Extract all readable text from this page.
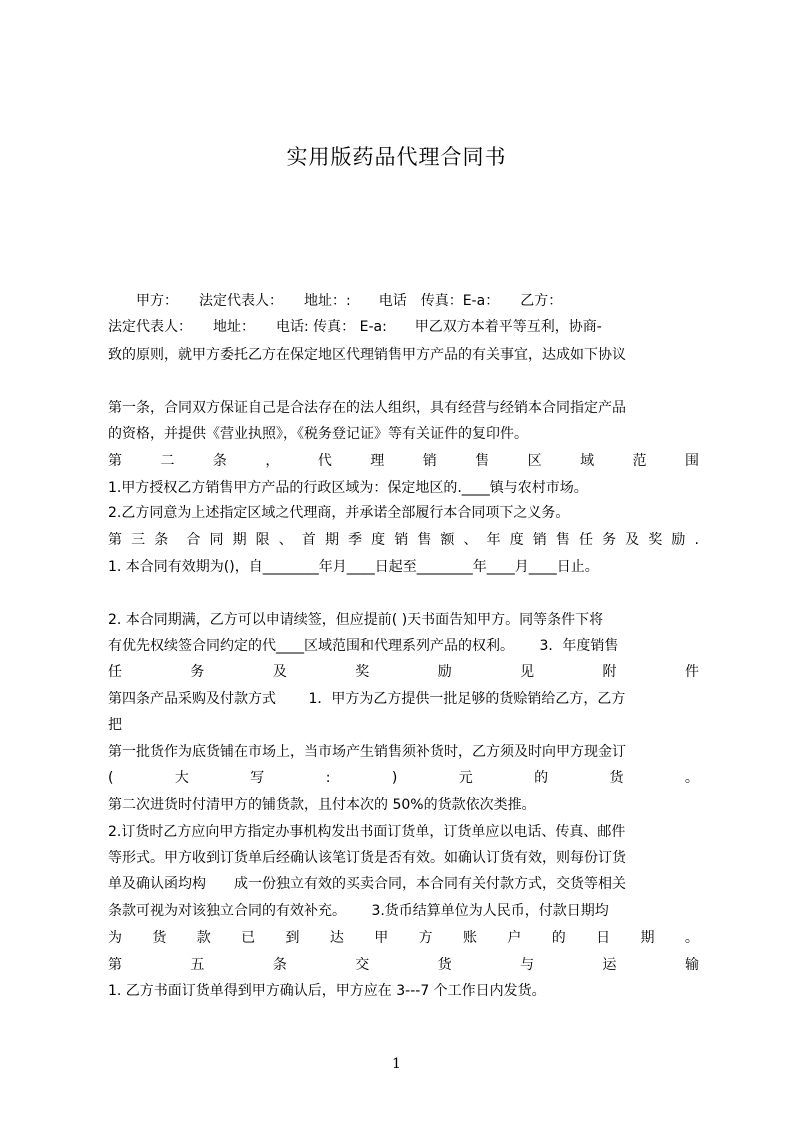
实用版药品代理合同书
　　甲方：　　法定代表人：　　地址：:　　电话　传真：E-a：　　乙方：
法定代表人：　　地址：　　电话: 传真： E-a:　　甲乙双方本着平等互利，协商-
致的原则，就甲方委托乙方在保定地区代理销售甲方产品的有关事宜，达成如下协议
第一条，合同双方保证自己是合法存在的法人组织，具有经营与经销本合同指定产品
的资格，并提供《营业执照》，《税务登记证》等有关证件的复印件。
第	二	条	，	代	理	销	售	区	域	范	围
1.甲方授权乙方销售甲方产品的行政区域为：保定地区的.____镇与农村市场。
2.乙方同意为上述指定区域之代理商，并承诺全部履行本合同项下之义务。
第 三 条 合 同 期 限 、 首 期 季 度 销 售 额 、 年 度 销 售 任 务 及 奖 励 .
1. 本合同有效期为()，自________年月____日起至________年____月____日止。
2. 本合同期满，乙方可以申请续签，但应提前( )天书面告知甲方。同等条件下将
有优先权续签合同约定的代____区域范围和代理系列产品的权利。　　 3．年度销售
任	务	及	奖	励	见	附	件
第四条产品采购及付款方式　　 1．甲方为乙方提供一批足够的货赊销给乙方，乙方
把
第一批货作为底货铺在市场上，当市场产生销售须补货时，乙方须及时向甲方现金订
(	大	写	:	)	元	的	货	。
第二次进货时付清甲方的铺货款，且付本次的 50%的货款依次类推。
2.订货时乙方应向甲方指定办事机构发出书面订货单，订货单应以电话、传真、邮件
等形式。甲方收到订货单后经确认该笔订货是否有效。如确认订货有效，则每份订货
单及确认函均构　　成一份独立有效的买卖合同，本合同有关付款方式，交货等相关
条款可视为对该独立合同的有效补充。　　 3.货币结算单位为人民币，付款日期均
为 货 款 已 到 达 甲 方 账 户 的 日 期 。
第	五	条	交	货	与	运	输
1. 乙方书面订货单得到甲方确认后，甲方应在 3---7 个工作日内发货。
1
